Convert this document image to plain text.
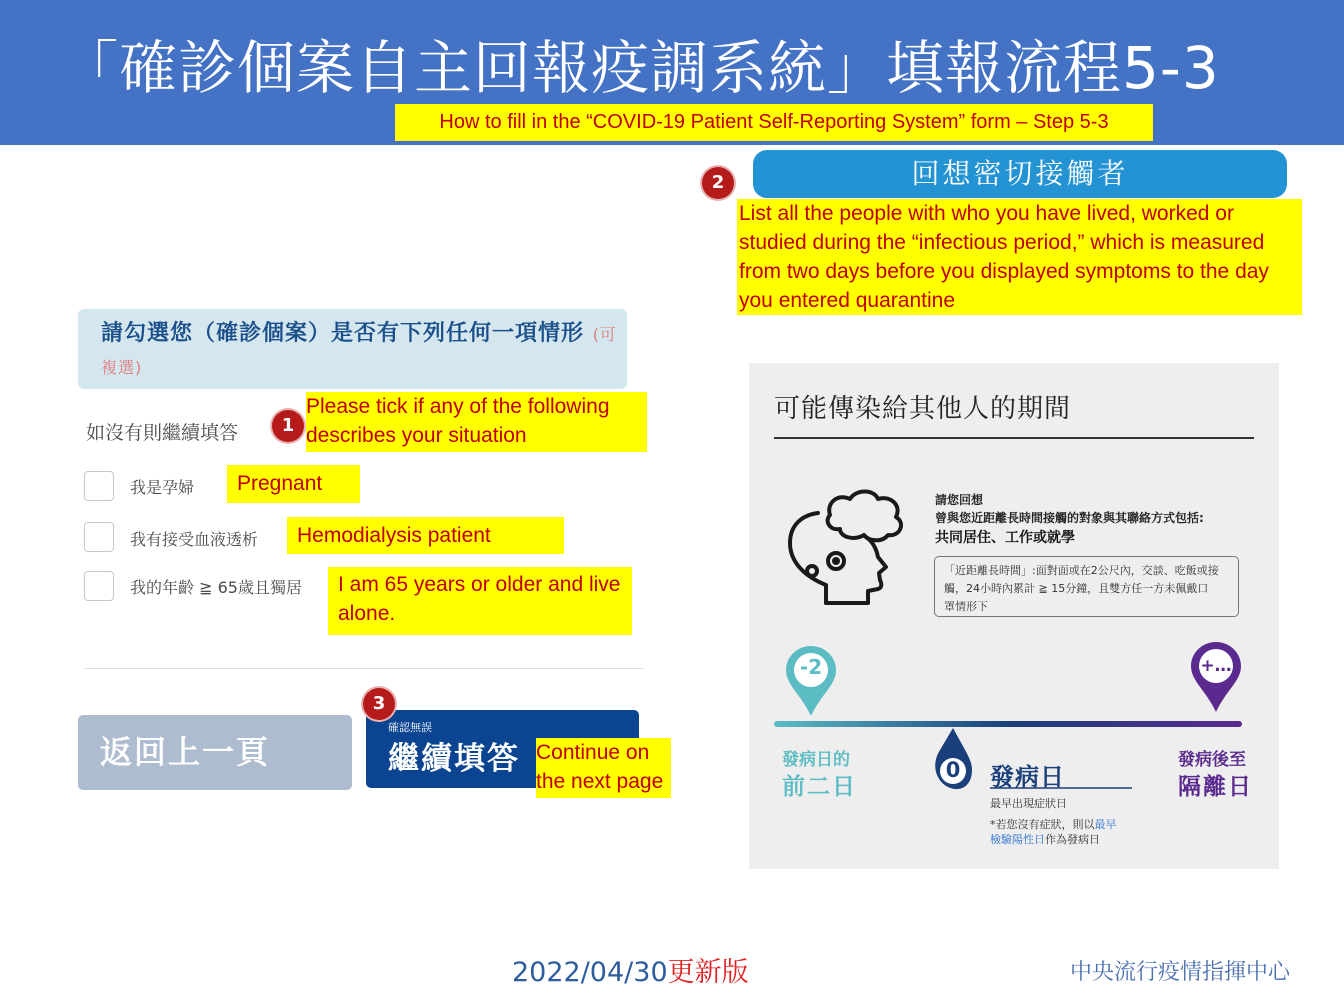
「確診個案自主回報疫調系統」填報流程5-3
How to fill in the “COVID-19 Patient Self-Reporting System” form – Step 5-3
請勾選您（確診個案）是否有下列任何一項情形 (可複選)
如沒有則繼續填答	1
Please tick if any of the following describes your situation
我是孕婦	Pregnant
我有接受血液透析	Hemodialysis patient
我的年齡 ≧ 65歲且獨居	I am 65 years or older and live alone.
返回上一頁
確認無誤
繼續填答
3
Continue on the next page
2	回想密切接觸者
List all the people with who you have lived, worked or studied during the “infectious period,” which is measured from two days before you displayed symptoms to the day you entered quarantine
可能傳染給其他人的期間
請您回想
曾與您近距離長時間接觸的對象與其聯絡方式包括:
共同居住、工作或就學
「近距離長時間」:面對面或在2公尺內，交談、吃飯或接
觸，24小時內累計 ≧ 15分鐘，且雙方任一方未佩戴口
罩情形下
-2	+…
0
發病日的
前二日	發病日
最早出現症狀日
*若您沒有症狀，則以最早
檢驗陽性日作為發病日
發病後至
隔離日
2022/04/30更新版	中央流行疫情指揮中心
